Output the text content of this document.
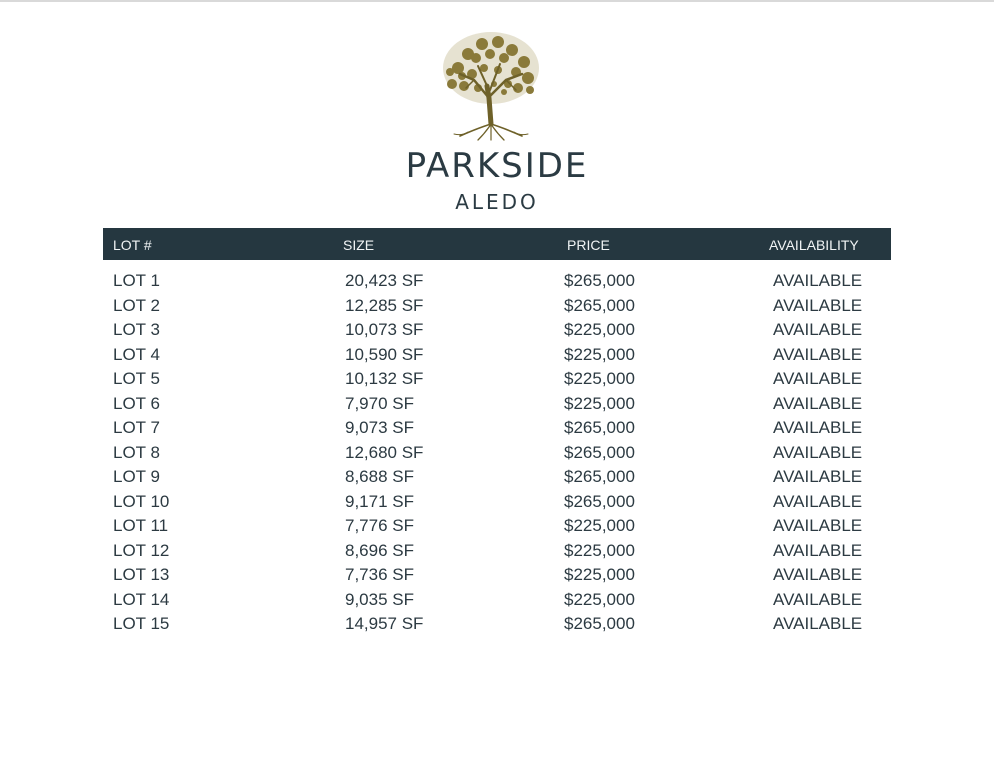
PARKSIDE
ALEDO
LOT #	SIZE	PRICE	AVAILABILITY
LOT 1	20,423 SF	$265,000	AVAILABLE
LOT 2	12,285 SF	$265,000	AVAILABLE
LOT 3	10,073 SF	$225,000	AVAILABLE
LOT 4	10,590 SF	$225,000	AVAILABLE
LOT 5	10,132 SF	$225,000	AVAILABLE
LOT 6	7,970 SF	$225,000	AVAILABLE
LOT 7	9,073 SF	$265,000	AVAILABLE
LOT 8	12,680 SF	$265,000	AVAILABLE
LOT 9	8,688 SF	$265,000	AVAILABLE
LOT 10	9,171 SF	$265,000	AVAILABLE
LOT 11	7,776 SF	$225,000	AVAILABLE
LOT 12	8,696 SF	$225,000	AVAILABLE
LOT 13	7,736 SF	$225,000	AVAILABLE
LOT 14	9,035 SF	$225,000	AVAILABLE
LOT 15	14,957 SF	$265,000	AVAILABLE
